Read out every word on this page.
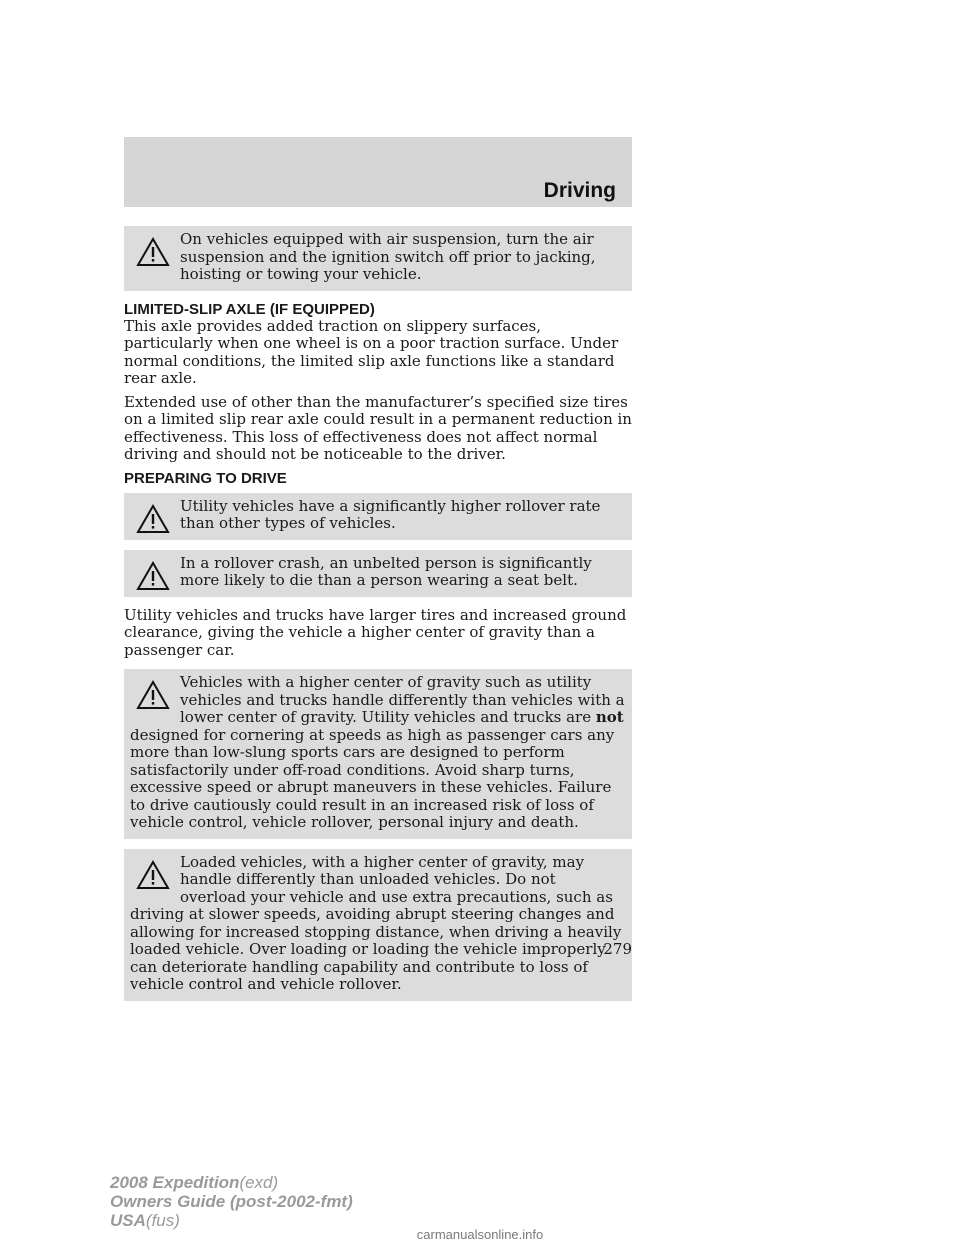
Driving

On vehicles equipped with air suspension, turn the air suspension and the ignition switch off prior to jacking, hoisting or towing your vehicle.

LIMITED-SLIP AXLE (IF EQUIPPED)

This axle provides added traction on slippery surfaces, particularly when one wheel is on a poor traction surface. Under normal conditions, the limited slip axle functions like a standard rear axle.

Extended use of other than the manufacturer’s specified size tires on a limited slip rear axle could result in a permanent reduction in effectiveness. This loss of effectiveness does not affect normal driving and should not be noticeable to the driver.

PREPARING TO DRIVE

Utility vehicles have a significantly higher rollover rate than other types of vehicles.

In a rollover crash, an unbelted person is significantly more likely to die than a person wearing a seat belt.

Utility vehicles and trucks have larger tires and increased ground clearance, giving the vehicle a higher center of gravity than a passenger car.

Vehicles with a higher center of gravity such as utility vehicles and trucks handle differently than vehicles with a lower center of gravity. Utility vehicles and trucks are not designed for cornering at speeds as high as passenger cars any more than low-slung sports cars are designed to perform satisfactorily under off-road conditions. Avoid sharp turns, excessive speed or abrupt maneuvers in these vehicles. Failure to drive cautiously could result in an increased risk of loss of vehicle control, vehicle rollover, personal injury and death.

Loaded vehicles, with a higher center of gravity, may handle differently than unloaded vehicles. Do not overload your vehicle and use extra precautions, such as driving at slower speeds, avoiding abrupt steering changes and allowing for increased stopping distance, when driving a heavily loaded vehicle. Over loading or loading the vehicle improperly can deteriorate handling capability and contribute to loss of vehicle control and vehicle rollover.

279
2008 Expedition(exd)
Owners Guide (post-2002-fmt)
USA(fus)
carmanualsonline.info
